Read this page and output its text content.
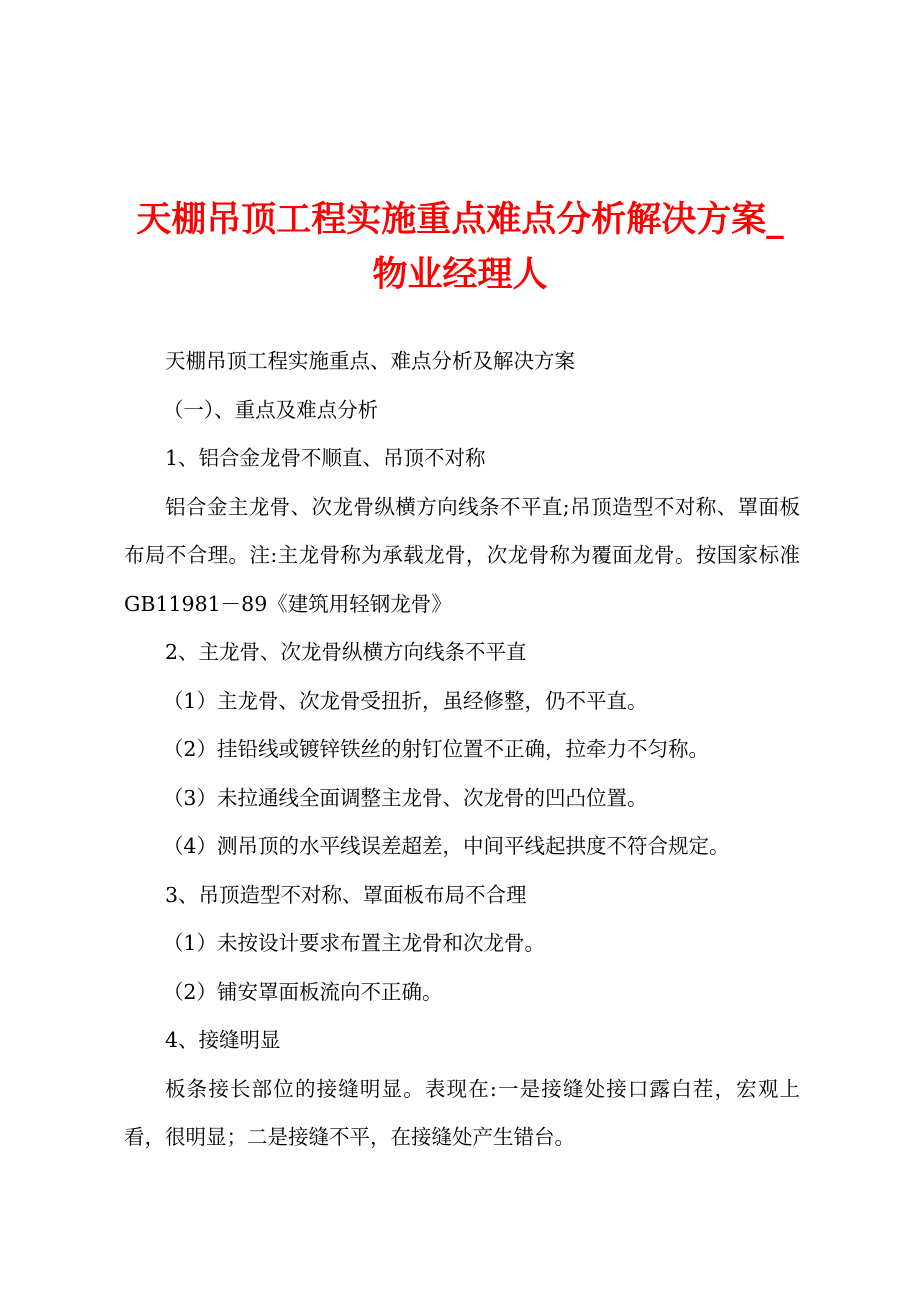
天棚吊顶工程实施重点难点分析解决方案_物业经理人

天棚吊顶工程实施重点、难点分析及解决方案

（一）、重点及难点分析

1、铝合金龙骨不顺直、吊顶不对称

铝合金主龙骨、次龙骨纵横方向线条不平直;吊顶造型不对称、罩面板布局不合理。注:主龙骨称为承载龙骨，次龙骨称为覆面龙骨。按国家标准GB11981－89《建筑用轻钢龙骨》

2、主龙骨、次龙骨纵横方向线条不平直

（1）主龙骨、次龙骨受扭折，虽经修整，仍不平直。

（2）挂铅线或镀锌铁丝的射钉位置不正确，拉牵力不匀称。

（3）未拉通线全面调整主龙骨、次龙骨的凹凸位置。

（4）测吊顶的水平线误差超差，中间平线起拱度不符合规定。

3、吊顶造型不对称、罩面板布局不合理

（1）未按设计要求布置主龙骨和次龙骨。

（2）铺安罩面板流向不正确。

4、接缝明显

板条接长部位的接缝明显。表现在:一是接缝处接口露白茬，宏观上看，很明显；二是接缝不平，在接缝处产生错台。
